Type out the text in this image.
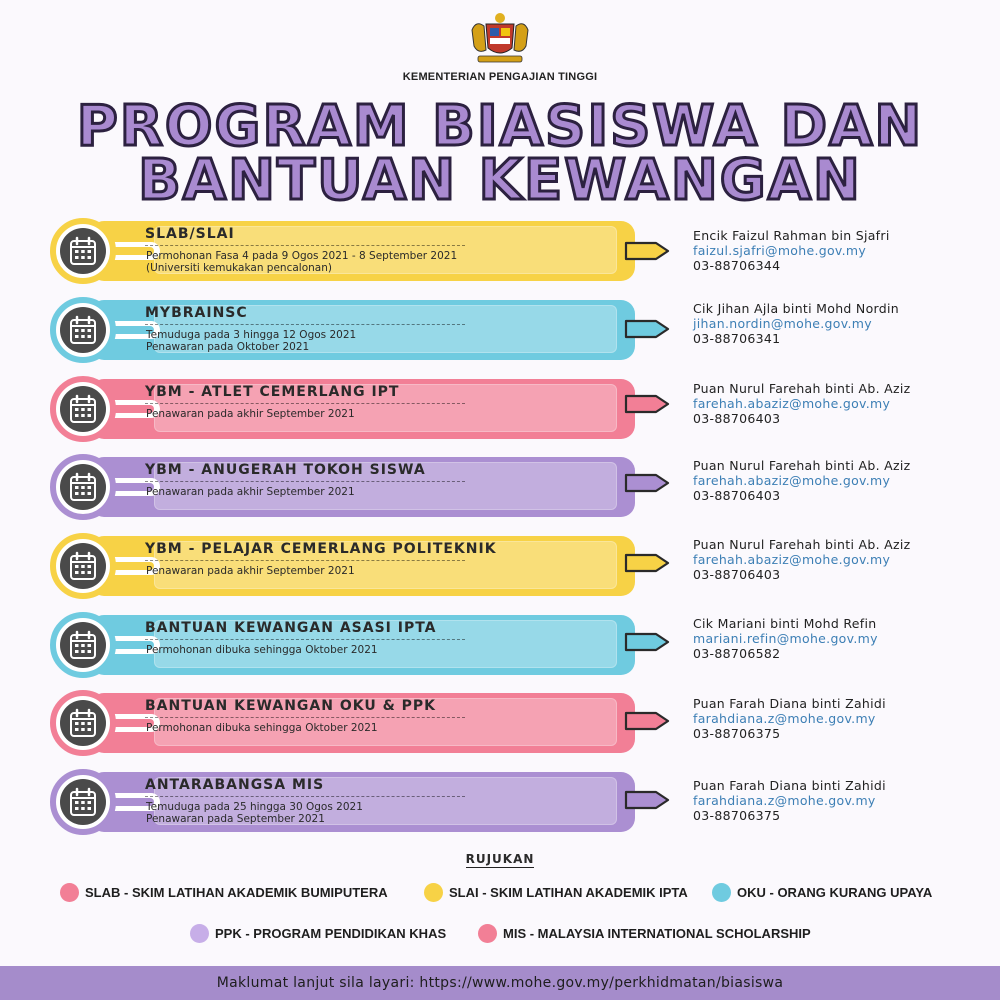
KEMENTERIAN PENGAJIAN TINGGI
PROGRAM BIASISWA DAN
BANTUAN KEWANGAN
SLAB/SLAI
Permohonan Fasa 4 pada 9 Ogos 2021 - 8 September 2021
(Universiti kemukakan pencalonan)
Encik Faizul Rahman bin Sjafri
faizul.sjafri@mohe.gov.my
03-88706344
MYBRAINSC
Temuduga pada 3 hingga 12 Ogos 2021
Penawaran pada Oktober 2021
Cik Jihan Ajla binti Mohd Nordin
jihan.nordin@mohe.gov.my
03-88706341
YBM - ATLET CEMERLANG IPT
Penawaran pada akhir September 2021
Puan Nurul Farehah binti Ab. Aziz
farehah.abaziz@mohe.gov.my
03-88706403
YBM - ANUGERAH TOKOH SISWA
Penawaran pada akhir September 2021
Puan Nurul Farehah binti Ab. Aziz
farehah.abaziz@mohe.gov.my
03-88706403
YBM - PELAJAR CEMERLANG POLITEKNIK
Penawaran pada akhir September 2021
Puan Nurul Farehah binti Ab. Aziz
farehah.abaziz@mohe.gov.my
03-88706403
BANTUAN KEWANGAN ASASI IPTA
Permohonan dibuka sehingga Oktober 2021
Cik Mariani binti Mohd Refin
mariani.refin@mohe.gov.my
03-88706582
BANTUAN KEWANGAN OKU & PPK
Permohonan dibuka sehingga Oktober 2021
Puan Farah Diana binti Zahidi
farahdiana.z@mohe.gov.my
03-88706375
ANTARABANGSA MIS
Temuduga pada 25 hingga 30 Ogos 2021
Penawaran pada September 2021
Puan Farah Diana binti Zahidi
farahdiana.z@mohe.gov.my
03-88706375
RUJUKAN
SLAB - SKIM LATIHAN AKADEMIK BUMIPUTERA	SLAI - SKIM LATIHAN AKADEMIK IPTA	OKU - ORANG KURANG UPAYA
PPK - PROGRAM PENDIDIKAN KHAS	MIS - MALAYSIA INTERNATIONAL SCHOLARSHIP
Maklumat lanjut sila layari: https://www.mohe.gov.my/perkhidmatan/biasiswa
